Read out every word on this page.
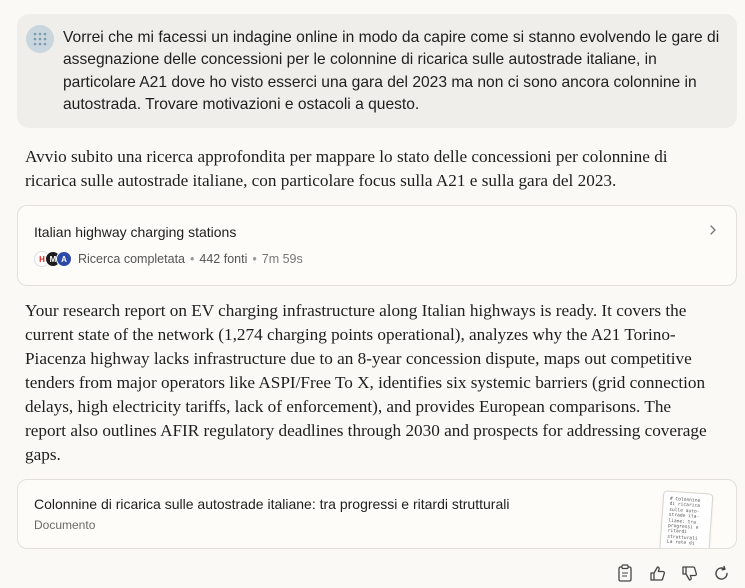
Vorrei che mi facessi un indagine online in modo da capire come si stanno evolvendo le gare di assegnazione delle concessioni per le colonnine di ricarica sulle autostrade italiane, in particolare A21 dove ho visto esserci una gara del 2023 ma non ci sono ancora colonnine in autostrada. Trovare motivazioni e ostacoli a questo.
Avvio subito una ricerca approfondita per mappare lo stato delle concessioni per colonnine di ricarica sulle autostrade italiane, con particolare focus sulla A21 e sulla gara del 2023.
Italian highway charging stations
H M A Ricerca completata • 442 fonti • 7m 59s
Your research report on EV charging infrastructure along Italian highways is ready. It covers the current state of the network (1,274 charging points operational), analyzes why the A21 Torino-Piacenza highway lacks infrastructure due to an 8-year concession dispute, maps out competitive tenders from major operators like ASPI/Free To X, identifies six systemic barriers (grid connection delays, high electricity tariffs, lack of enforcement), and provides European comparisons. The report also outlines AFIR regulatory deadlines through 2030 and prospects for addressing coverage gaps.
Colonnine di ricarica sulle autostrade italiane: tra progressi e ritardi strutturali
Documento
# Colonnine di ricarica sulle auto-strade ita-liane: tra progressi e ritardi strutturali La rete di
